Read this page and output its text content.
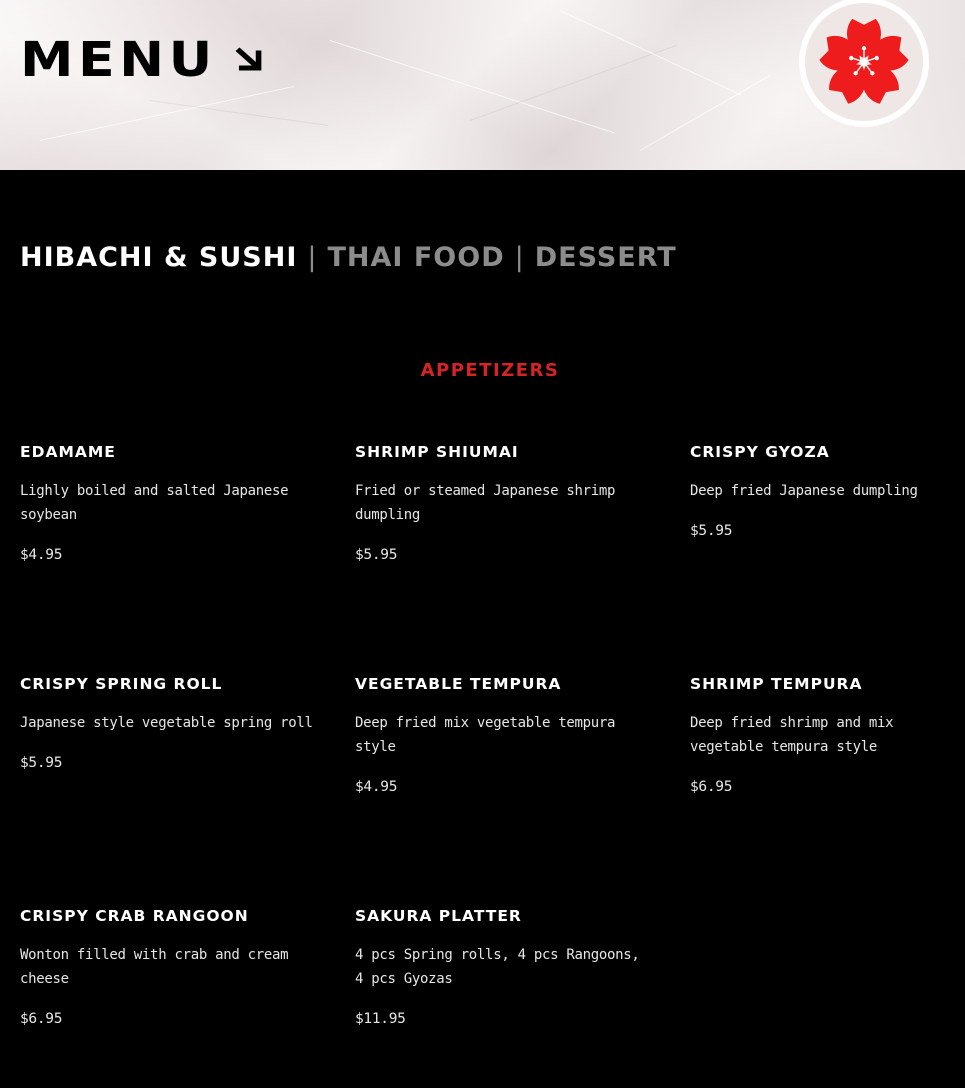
MENU
HIBACHI & SUSHI | THAI FOOD | DESSERT
APPETIZERS
EDAMAME
Lighly boiled and salted Japanese soybean
$4.95
SHRIMP SHIUMAI
Fried or steamed Japanese shrimp dumpling
$5.95
CRISPY GYOZA
Deep fried Japanese dumpling
$5.95
CRISPY SPRING ROLL
Japanese style vegetable spring roll
$5.95
VEGETABLE TEMPURA
Deep fried mix vegetable tempura style
$4.95
SHRIMP TEMPURA
Deep fried shrimp and mix vegetable tempura style
$6.95
CRISPY CRAB RANGOON
Wonton filled with crab and cream cheese
$6.95
SAKURA PLATTER
4 pcs Spring rolls, 4 pcs Rangoons, 4 pcs Gyozas
$11.95
